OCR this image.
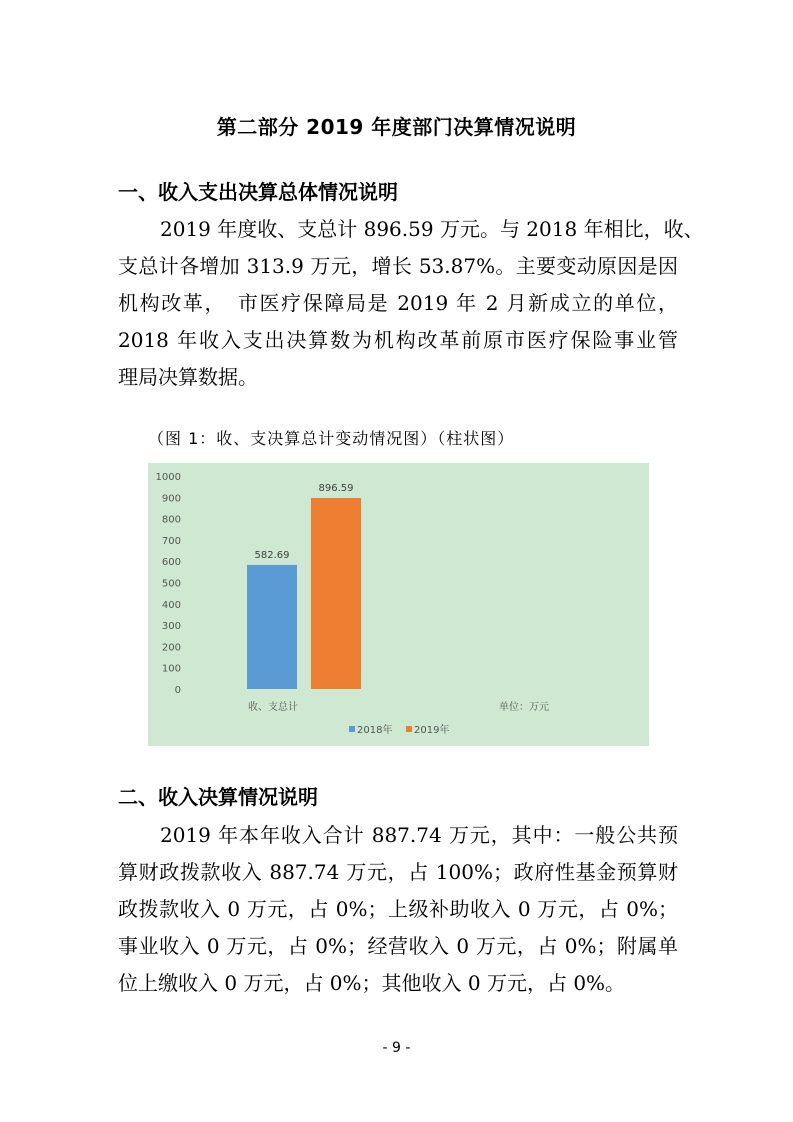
第二部分 2019 年度部门决算情况说明
一、收入支出决算总体情况说明
2019 年度收、支总计 896.59 万元。与 2018 年相比，收、
支总计各增加 313.9 万元，增长 53.87%。主要变动原因是因
机构改革，　市医疗保障局是 2019 年 2 月新成立的单位，
2018 年收入支出决算数为机构改革前原市医疗保险事业管
理局决算数据。
（图 1：收、支决算总计变动情况图）（柱状图）
0
100
200
300
400
500
600
700
800
900
1000
582.69
896.59
收、支总计	单位：万元
2018年 2019年
二、收入决算情况说明
2019 年本年收入合计 887.74 万元，其中：一般公共预
算财政拨款收入 887.74 万元，占 100%；政府性基金预算财
政拨款收入 0 万元，占 0%；上级补助收入 0 万元，占 0%；
事业收入 0 万元，占 0%；经营收入 0 万元，占 0%；附属单
位上缴收入 0 万元，占 0%；其他收入 0 万元，占 0%。
- 9 -
